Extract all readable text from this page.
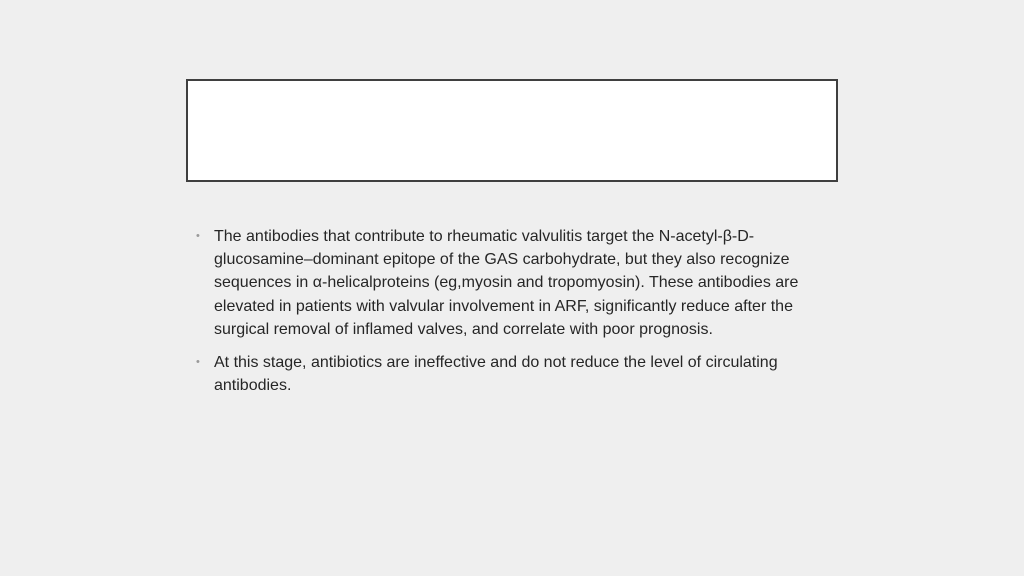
• The antibodies that contribute to rheumatic valvulitis target the N-acetyl-β-D-glucosamine–dominant epitope of the GAS carbohydrate, but they also recognize sequences in α-helicalproteins (eg,myosin and tropomyosin). These antibodies are elevated in patients with valvular involvement in ARF, significantly reduce after the surgical removal of inflamed valves, and correlate with poor prognosis.
• At this stage, antibiotics are ineffective and do not reduce the level of circulating antibodies.
